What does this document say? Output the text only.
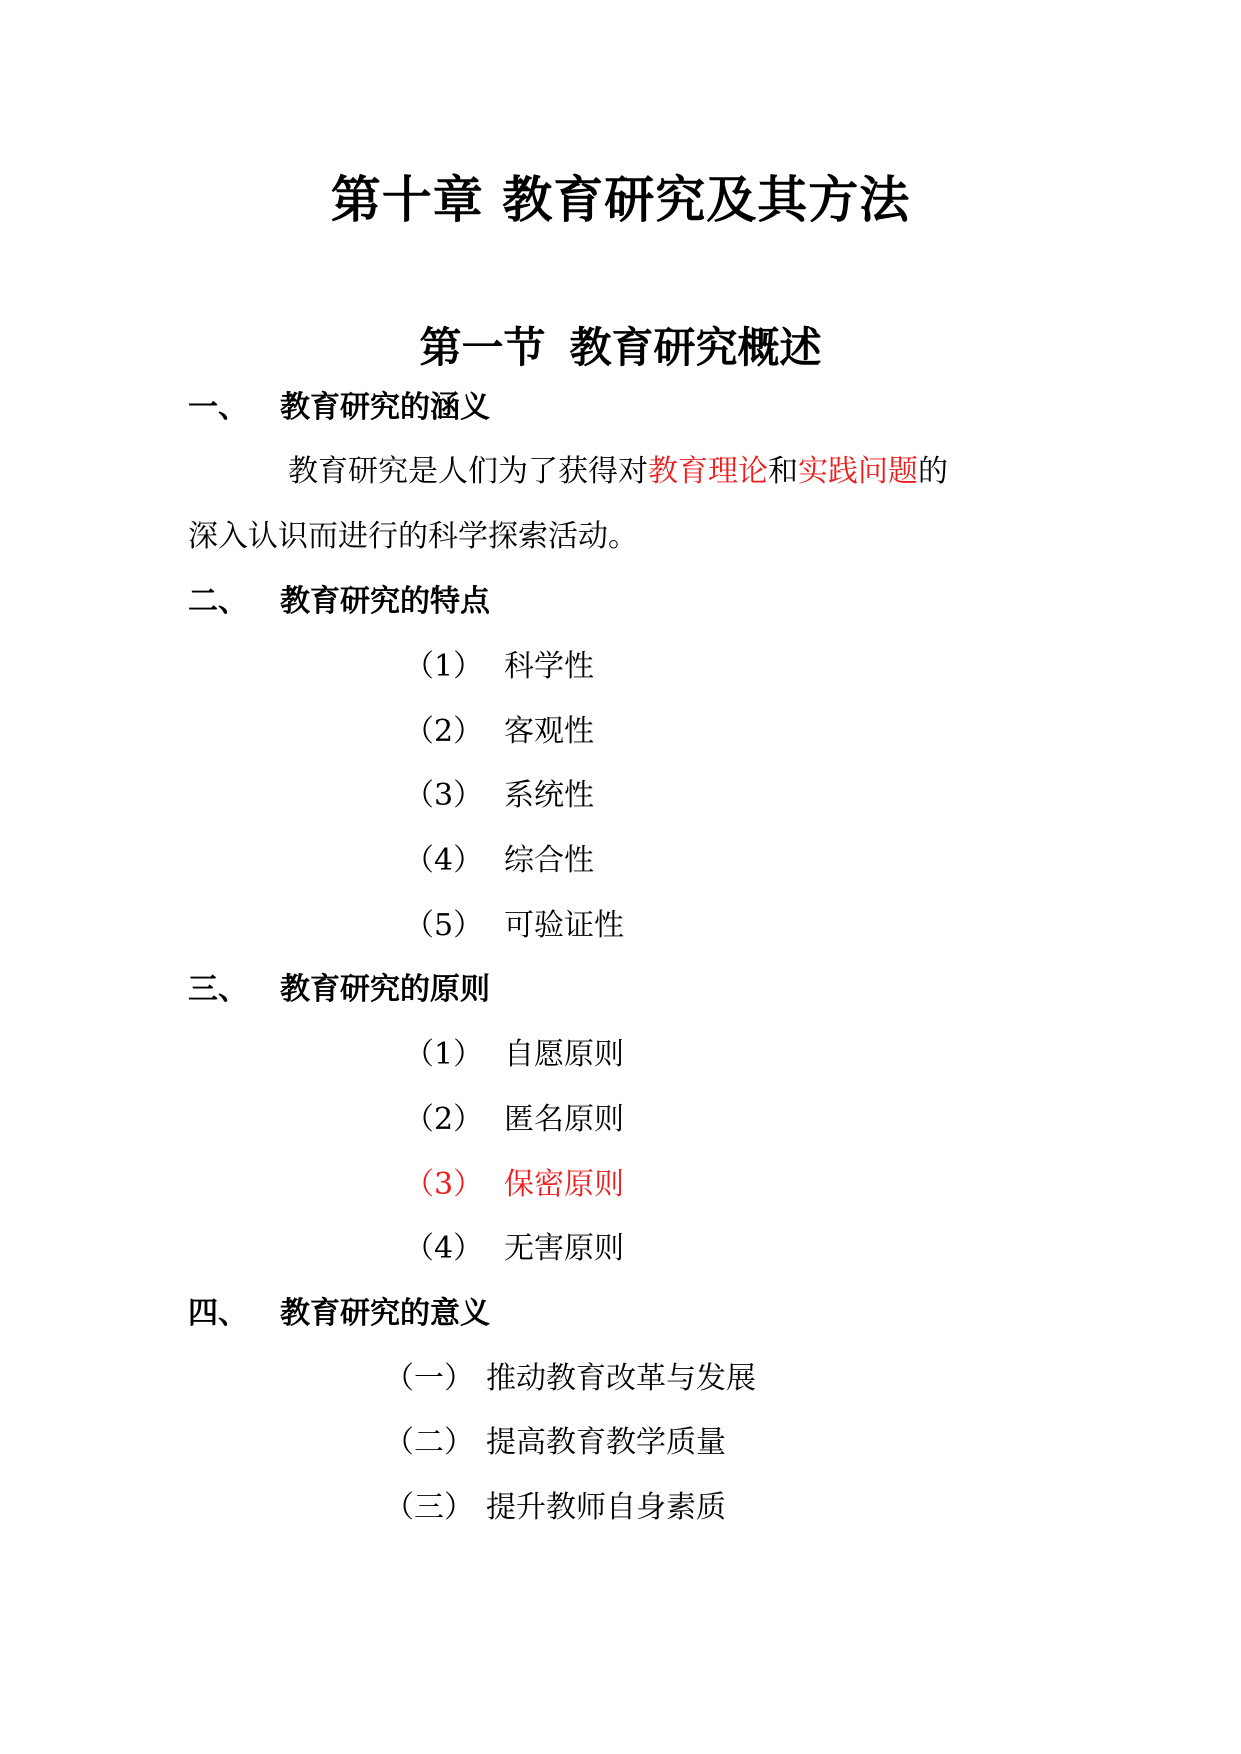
第十章 教育研究及其方法
第一节 教育研究概述
一、 教育研究的涵义
教育研究是人们为了获得对教育理论和实践问题的
深入认识而进行的科学探索活动。
二、 教育研究的特点
（1） 科学性
（2） 客观性
（3） 系统性
（4） 综合性
（5） 可验证性
三、 教育研究的原则
（1） 自愿原则
（2） 匿名原则
（3） 保密原则
（4） 无害原则
四、 教育研究的意义
（一） 推动教育改革与发展
（二） 提高教育教学质量
（三） 提升教师自身素质
